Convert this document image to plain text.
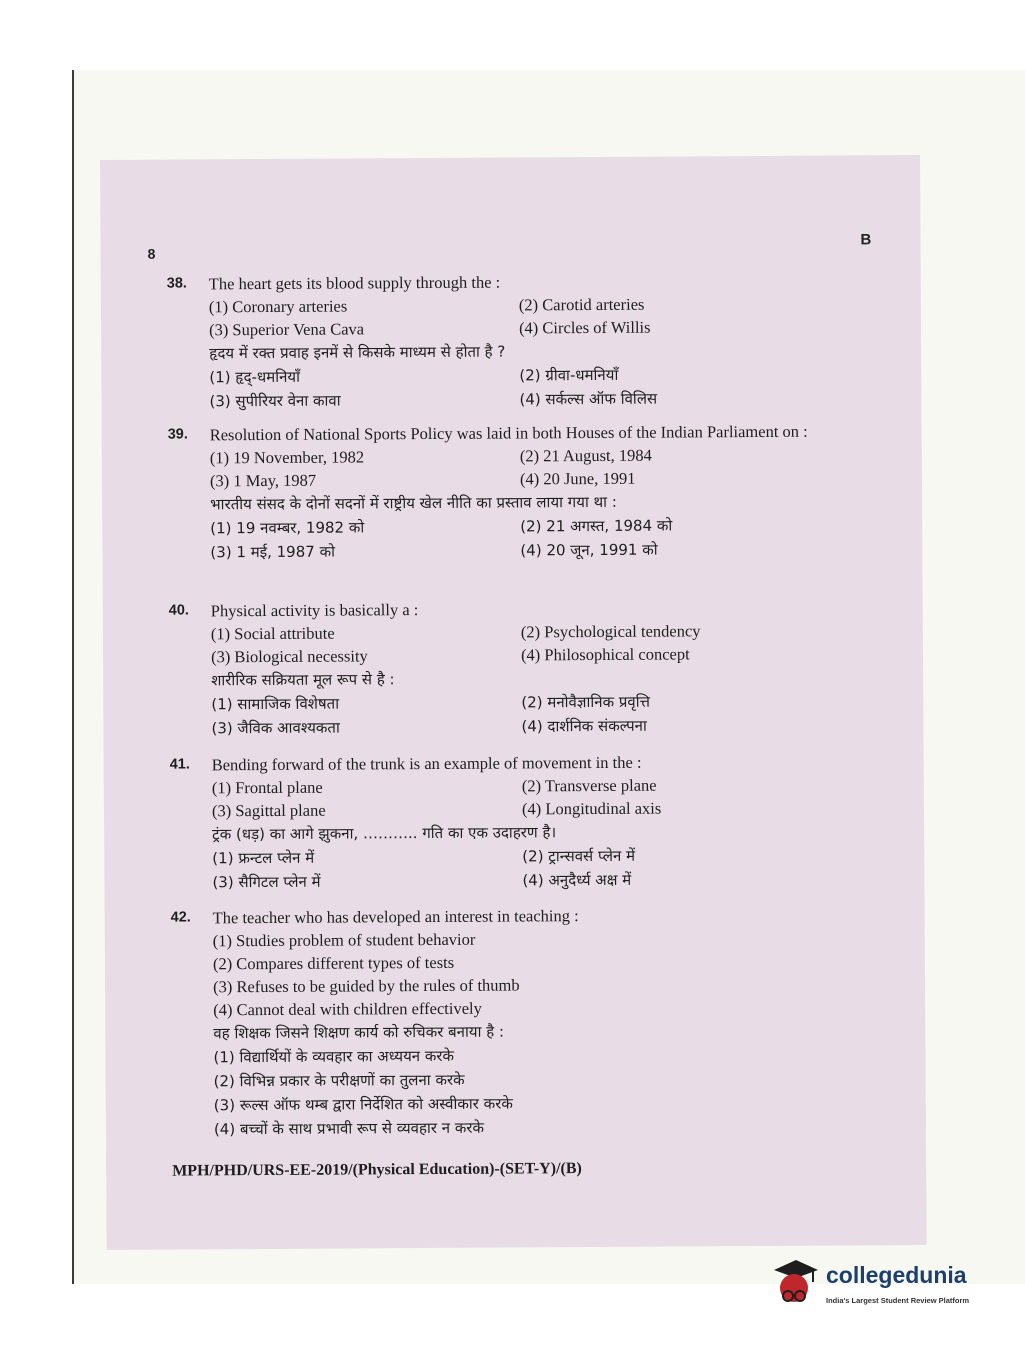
8
B
38. The heart gets its blood supply through the :
(1) Coronary arteries	(2) Carotid arteries
(3) Superior Vena Cava	(4) Circles of Willis
हृदय में रक्त प्रवाह इनमें से किसके माध्यम से होता है ?
(1) हृद्-धमनियाँ	(2) ग्रीवा-धमनियाँ
(3) सुपीरियर वेना कावा	(4) सर्कल्स ऑफ विलिस
39. Resolution of National Sports Policy was laid in both Houses of the Indian Parliament on :
(1) 19 November, 1982	(2) 21 August, 1984
(3) 1 May, 1987	(4) 20 June, 1991
भारतीय संसद के दोनों सदनों में राष्ट्रीय खेल नीति का प्रस्ताव लाया गया था :
(1) 19 नवम्बर, 1982 को	(2) 21 अगस्त, 1984 को
(3) 1 मई, 1987 को	(4) 20 जून, 1991 को
40. Physical activity is basically a :
(1) Social attribute	(2) Psychological tendency
(3) Biological necessity	(4) Philosophical concept
शारीरिक सक्रियता मूल रूप से है :
(1) सामाजिक विशेषता	(2) मनोवैज्ञानिक प्रवृत्ति
(3) जैविक आवश्यकता	(4) दार्शनिक संकल्पना
41. Bending forward of the trunk is an example of movement in the :
(1) Frontal plane	(2) Transverse plane
(3) Sagittal plane	(4) Longitudinal axis
ट्रंक (धड़) का आगे झुकना, ……….. गति का एक उदाहरण है।
(1) फ्रन्टल प्लेन में	(2) ट्रान्सवर्स प्लेन में
(3) सैगिटल प्लेन में	(4) अनुदैर्ध्य अक्ष में
42. The teacher who has developed an interest in teaching :
(1) Studies problem of student behavior
(2) Compares different types of tests
(3) Refuses to be guided by the rules of thumb
(4) Cannot deal with children effectively
वह शिक्षक जिसने शिक्षण कार्य को रुचिकर बनाया है :
(1) विद्यार्थियों के व्यवहार का अध्ययन करके
(2) विभिन्न प्रकार के परीक्षणों का तुलना करके
(3) रूल्स ऑफ थम्ब द्वारा निर्देशित को अस्वीकार करके
(4) बच्चों के साथ प्रभावी रूप से व्यवहार न करके
MPH/PHD/URS-EE-2019/(Physical Education)-(SET-Y)/(B)
collegedunia
India's Largest Student Review Platform
